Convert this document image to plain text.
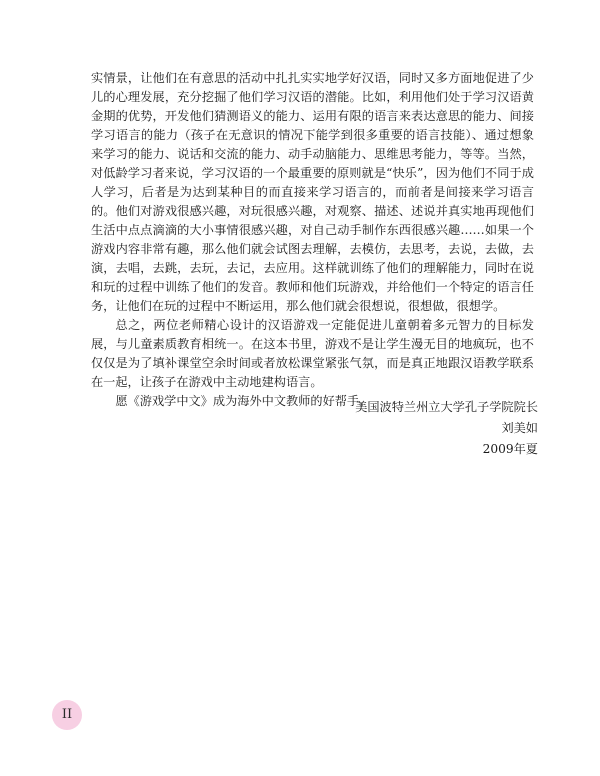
实情景，让他们在有意思的活动中扎扎实实地学好汉语，同时又多方面地促进了少儿的心理发展，充分挖掘了他们学习汉语的潜能。比如，利用他们处于学习汉语黄金期的优势，开发他们猜测语义的能力、运用有限的语言来表达意思的能力、间接学习语言的能力（孩子在无意识的情况下能学到很多重要的语言技能）、通过想象来学习的能力、说话和交流的能力、动手动脑能力、思维思考能力，等等。当然，对低龄学习者来说，学习汉语的一个最重要的原则就是“快乐”，因为他们不同于成人学习，后者是为达到某种目的而直接来学习语言的，而前者是间接来学习语言的。他们对游戏很感兴趣，对玩很感兴趣，对观察、描述、述说并真实地再现他们生活中点点滴滴的大小事情很感兴趣，对自己动手制作东西很感兴趣……如果一个游戏内容非常有趣，那么他们就会试图去理解，去模仿，去思考，去说，去做，去演，去唱，去跳，去玩，去记，去应用。这样就训练了他们的理解能力，同时在说和玩的过程中训练了他们的发音。教师和他们玩游戏，并给他们一个特定的语言任务，让他们在玩的过程中不断运用，那么他们就会很想说，很想做，很想学。

总之，两位老师精心设计的汉语游戏一定能促进儿童朝着多元智力的目标发展，与儿童素质教育相统一。在这本书里，游戏不是让学生漫无目的地疯玩，也不仅仅是为了填补课堂空余时间或者放松课堂紧张气氛，而是真正地跟汉语教学联系在一起，让孩子在游戏中主动地建构语言。

愿《游戏学中文》成为海外中文教师的好帮手。

美国波特兰州立大学孔子学院院长
刘美如
2009年夏
II
